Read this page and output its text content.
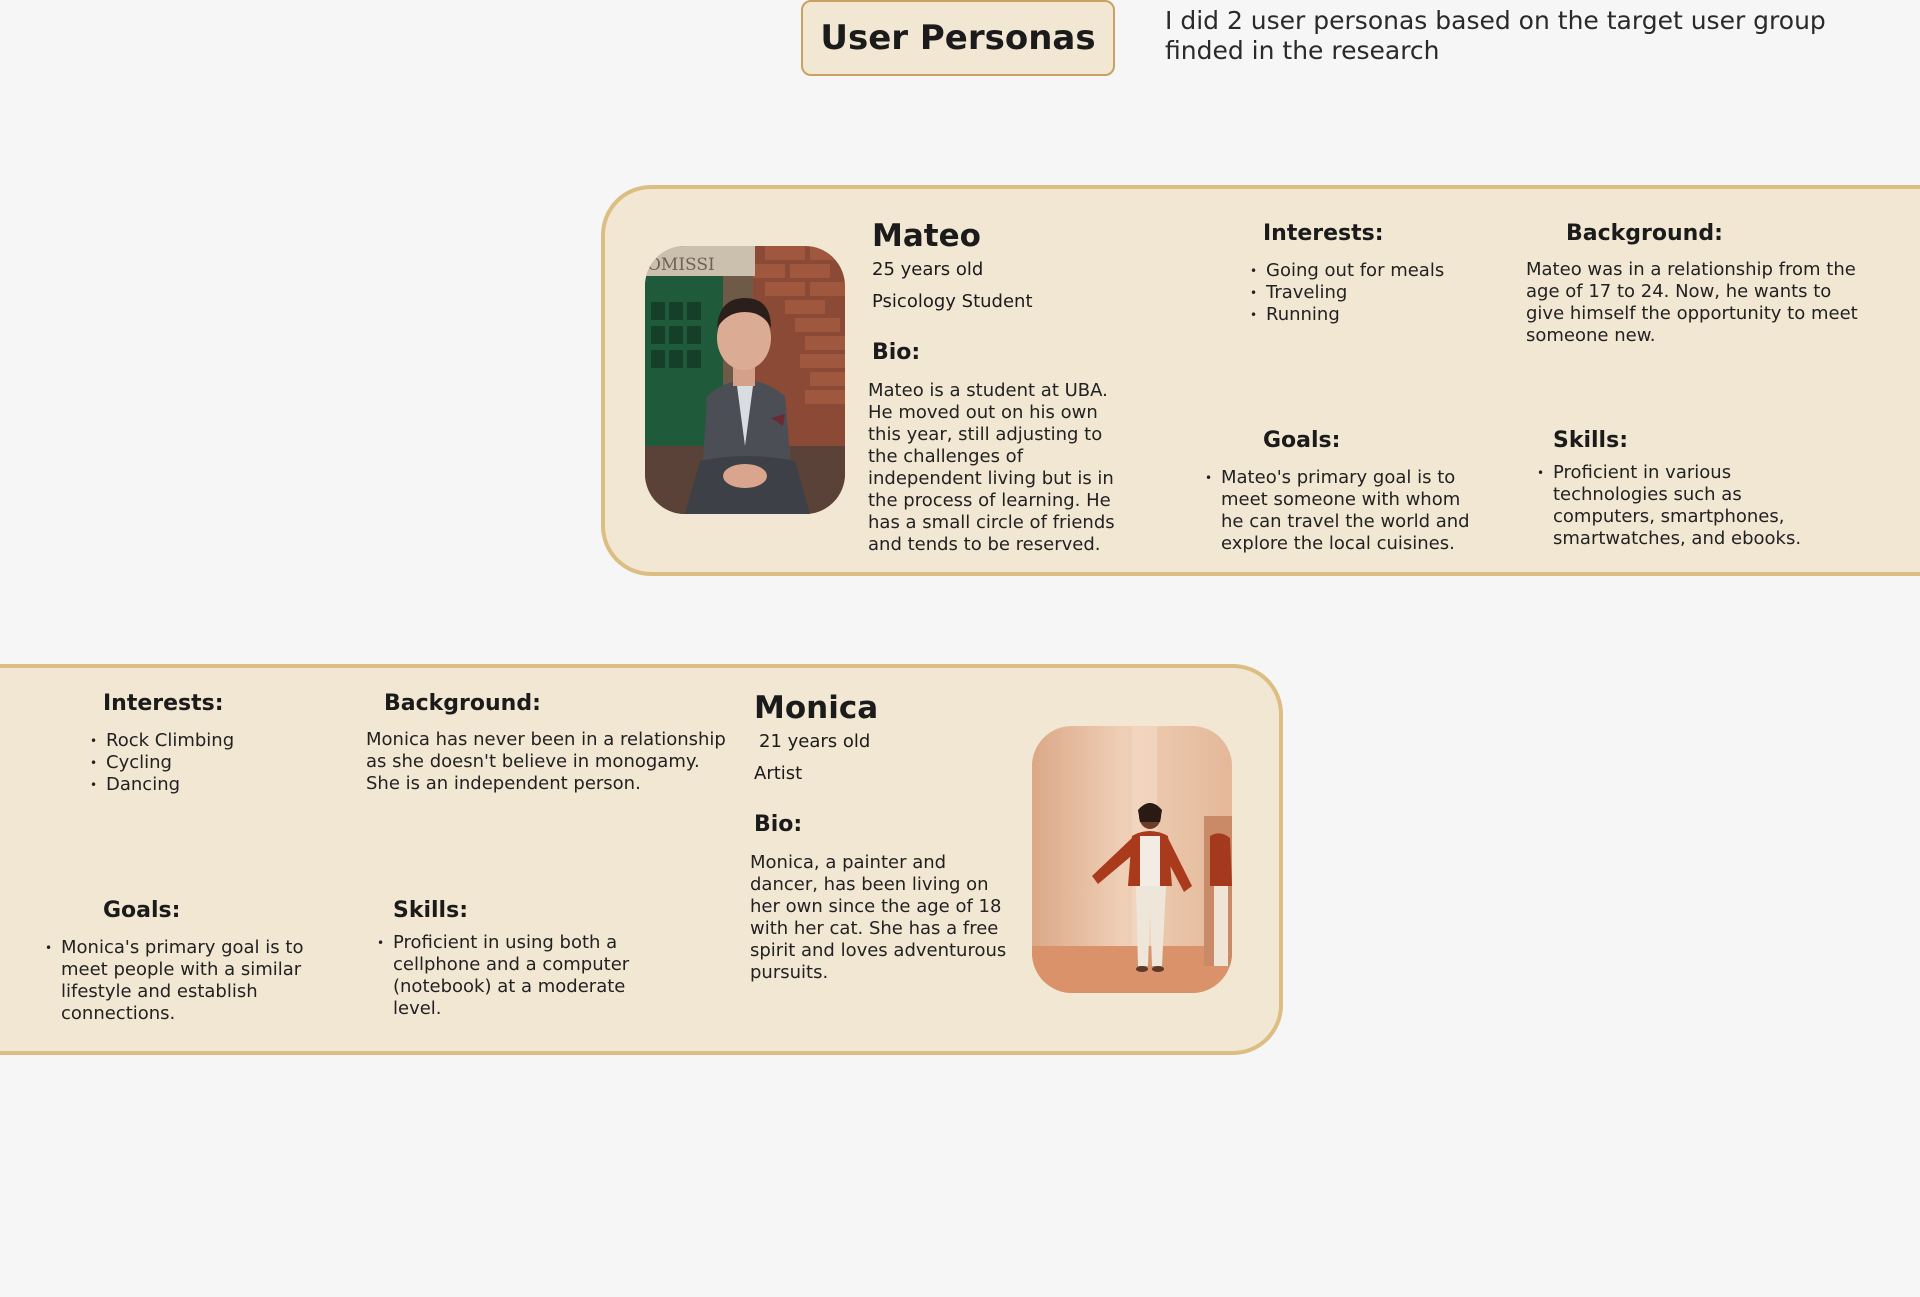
User Personas	I did 2 user personas based on the target user group finded in the research
OMISSI
Mateo
25 years old
Psicology Student
Bio:
Mateo is a student at UBA. He moved out on his own this year, still adjusting to the challenges of independent living but is in the process of learning. He has a small circle of friends and tends to be reserved.
Interests:
• Going out for meals
• Traveling
• Running
Background:
Mateo was in a relationship from the age of 17 to 24. Now, he wants to give himself the opportunity to meet someone new.
Goals:
• Mateo's primary goal is to meet someone with whom he can travel the world and explore the local cuisines.
Skills:
• Proficient in various technologies such as computers, smartphones, smartwatches, and ebooks.
Interests:
• Rock Climbing
• Cycling
• Dancing
Background:
Monica has never been in a relationship as she doesn't believe in monogamy. She is an independent person.
Goals:
• Monica's primary goal is to meet people with a similar lifestyle and establish connections.
Skills:
• Proficient in using both a cellphone and a computer (notebook) at a moderate level.
Monica
21 years old
Artist
Bio:
Monica, a painter and dancer, has been living on her own since the age of 18 with her cat. She has a free spirit and loves adventurous pursuits.
